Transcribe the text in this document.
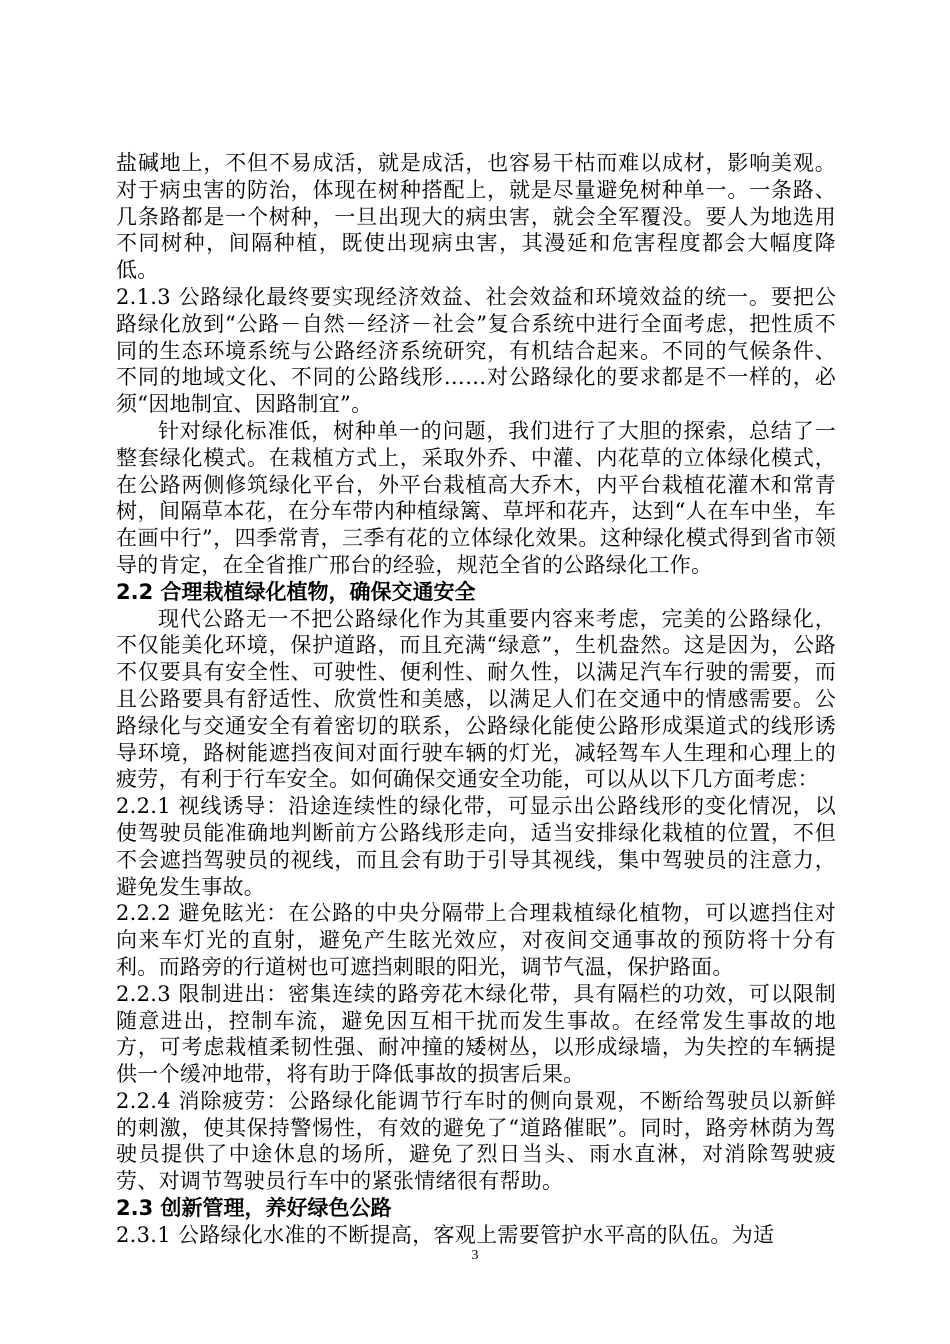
盐碱地上，不但不易成活，就是成活，也容易干枯而难以成材，影响美观。对于病虫害的防治，体现在树种搭配上，就是尽量避免树种单一。一条路、几条路都是一个树种，一旦出现大的病虫害，就会全军覆没。要人为地选用不同树种，间隔种植，既使出现病虫害，其漫延和危害程度都会大幅度降低。

2.1.3 公路绿化最终要实现经济效益、社会效益和环境效益的统一。要把公路绿化放到“公路－自然－经济－社会”复合系统中进行全面考虑，把性质不同的生态环境系统与公路经济系统研究，有机结合起来。不同的气候条件、不同的地域文化、不同的公路线形……对公路绿化的要求都是不一样的，必须“因地制宜、因路制宜”。

针对绿化标准低，树种单一的问题，我们进行了大胆的探索，总结了一整套绿化模式。在栽植方式上，采取外乔、中灌、内花草的立体绿化模式，在公路两侧修筑绿化平台，外平台栽植高大乔木，内平台栽植花灌木和常青树，间隔草本花，在分车带内种植绿篱、草坪和花卉，达到“人在车中坐，车在画中行”，四季常青，三季有花的立体绿化效果。这种绿化模式得到省市领导的肯定，在全省推广邢台的经验，规范全省的公路绿化工作。

2.2 合理栽植绿化植物，确保交通安全

现代公路无一不把公路绿化作为其重要内容来考虑，完美的公路绿化，不仅能美化环境，保护道路，而且充满“绿意”，生机盎然。这是因为，公路不仅要具有安全性、可驶性、便利性、耐久性，以满足汽车行驶的需要，而且公路要具有舒适性、欣赏性和美感，以满足人们在交通中的情感需要。公路绿化与交通安全有着密切的联系，公路绿化能使公路形成渠道式的线形诱导环境，路树能遮挡夜间对面行驶车辆的灯光，减轻驾车人生理和心理上的疲劳，有利于行车安全。如何确保交通安全功能，可以从以下几方面考虑：

2.2.1 视线诱导：沿途连续性的绿化带，可显示出公路线形的变化情况，以使驾驶员能准确地判断前方公路线形走向，适当安排绿化栽植的位置，不但不会遮挡驾驶员的视线，而且会有助于引导其视线，集中驾驶员的注意力，避免发生事故。

2.2.2 避免眩光：在公路的中央分隔带上合理栽植绿化植物，可以遮挡住对向来车灯光的直射，避免产生眩光效应，对夜间交通事故的预防将十分有利。而路旁的行道树也可遮挡刺眼的阳光，调节气温，保护路面。

2.2.3 限制进出：密集连续的路旁花木绿化带，具有隔栏的功效，可以限制随意进出，控制车流，避免因互相干扰而发生事故。在经常发生事故的地方，可考虑栽植柔韧性强、耐冲撞的矮树丛，以形成绿墙，为失控的车辆提供一个缓冲地带，将有助于降低事故的损害后果。

2.2.4 消除疲劳：公路绿化能调节行车时的侧向景观，不断给驾驶员以新鲜的刺激，使其保持警惕性，有效的避免了“道路催眠”。同时，路旁林荫为驾驶员提供了中途休息的场所，避免了烈日当头、雨水直淋，对消除驾驶疲劳、对调节驾驶员行车中的紧张情绪很有帮助。

2.3 创新管理，养好绿色公路

2.3.1 公路绿化水准的不断提高，客观上需要管护水平高的队伍。为适

3
